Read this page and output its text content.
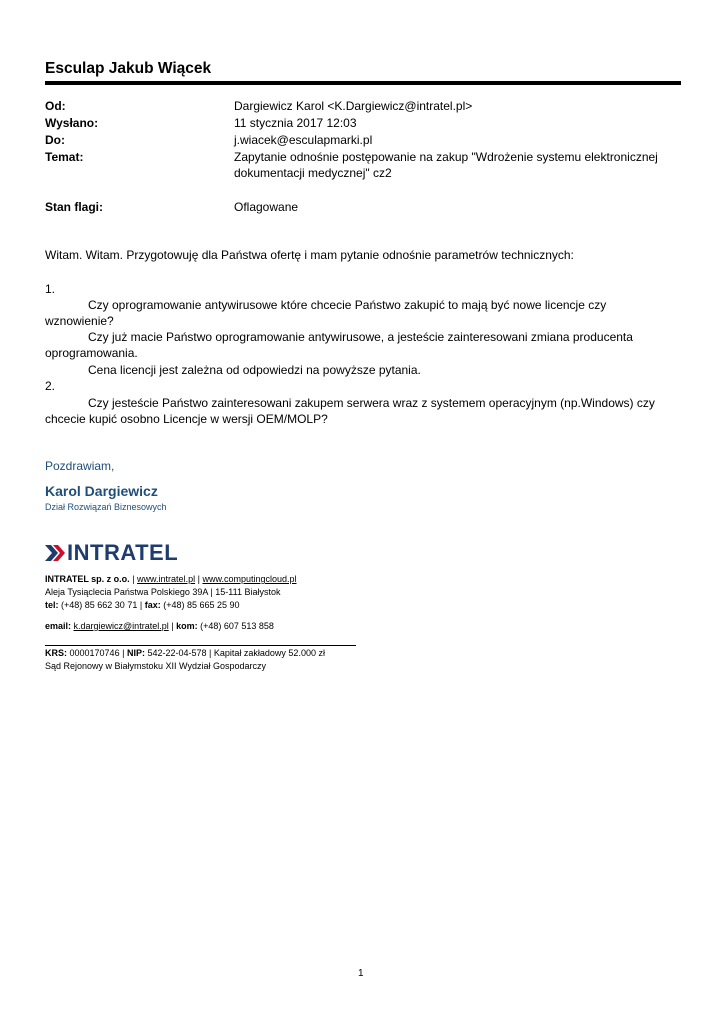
Esculap Jakub Wiącek
Od:	Dargiewicz Karol <K.Dargiewicz@intratel.pl>
Wysłano:	11 stycznia 2017 12:03
Do:	j.wiacek@esculapmarki.pl
Temat:	Zapytanie odnośnie postępowanie na zakup "Wdrożenie systemu elektronicznej dokumentacji medycznej" cz2
Stan flagi:	Oflagowane
Witam. Witam. Przygotowuję dla Państwa ofertę i mam pytanie odnośnie parametrów technicznych:
1.
Czy oprogramowanie antywirusowe które chcecie Państwo zakupić to mają być nowe licencje czy wznowienie?
Czy już macie Państwo oprogramowanie antywirusowe, a jesteście zainteresowani zmiana producenta oprogramowania.
Cena licencji jest zależna od odpowiedzi na powyższe pytania.
2.
Czy jesteście Państwo zainteresowani zakupem serwera wraz z systemem operacyjnym (np.Windows) czy chcecie kupić osobno Licencje w wersji OEM/MOLP?
Pozdrawiam,
Karol Dargiewicz
Dział Rozwiązań Biznesowych
INTRATEL
INTRATEL sp. z o.o. | www.intratel.pl | www.computingcloud.pl
Aleja Tysiąclecia Państwa Polskiego 39A | 15-111 Białystok
tel: (+48) 85 662 30 71 | fax: (+48) 85 665 25 90
email: k.dargiewicz@intratel.pl | kom: (+48) 607 513 858
KRS: 0000170746 | NIP: 542-22-04-578 | Kapitał zakładowy 52.000 zł
Sąd Rejonowy w Białymstoku XII Wydział Gospodarczy
1
